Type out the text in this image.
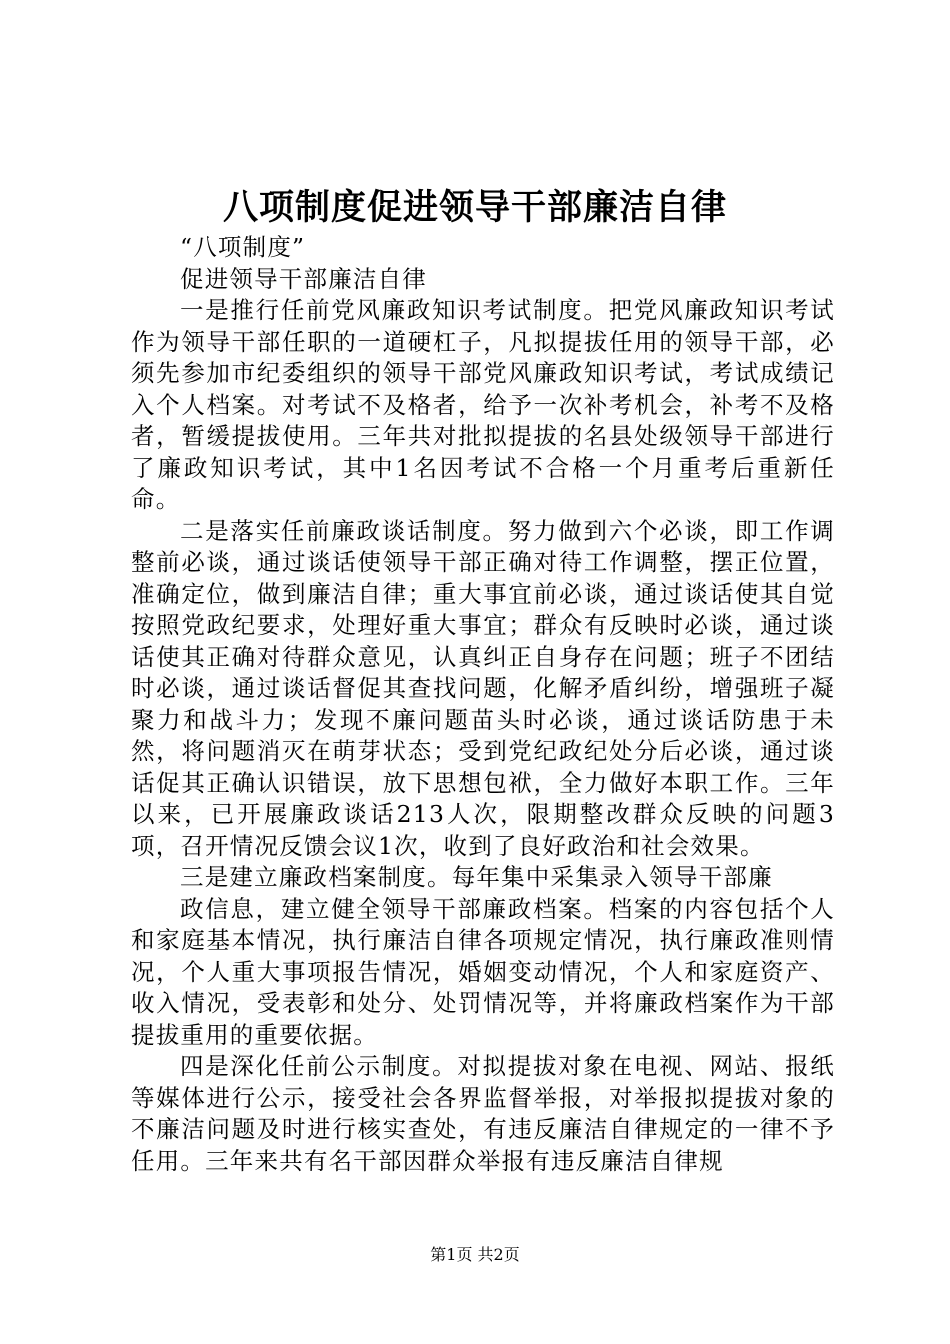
八项制度促进领导干部廉洁自律

“八项制度”

促进领导干部廉洁自律

一是推行任前党风廉政知识考试制度。把党风廉政知识考试作为领导干部任职的一道硬杠子，凡拟提拔任用的领导干部，必须先参加市纪委组织的领导干部党风廉政知识考试，考试成绩记入个人档案。对考试不及格者，给予一次补考机会，补考不及格者，暂缓提拔使用。三年共对批拟提拔的名县处级领导干部进行了廉政知识考试，其中1名因考试不合格一个月重考后重新任命。

二是落实任前廉政谈话制度。努力做到六个必谈，即工作调整前必谈，通过谈话使领导干部正确对待工作调整，摆正位置，准确定位，做到廉洁自律；重大事宜前必谈，通过谈话使其自觉按照党政纪要求，处理好重大事宜；群众有反映时必谈，通过谈话使其正确对待群众意见，认真纠正自身存在问题；班子不团结时必谈，通过谈话督促其查找问题，化解矛盾纠纷，增强班子凝聚力和战斗力；发现不廉问题苗头时必谈，通过谈话防患于未然，将问题消灭在萌芽状态；受到党纪政纪处分后必谈，通过谈话促其正确认识错误，放下思想包袱，全力做好本职工作。三年以来，已开展廉政谈话213人次，限期整改群众反映的问题3项，召开情况反馈会议1次，收到了良好政治和社会效果。

三是建立廉政档案制度。每年集中采集录入领导干部廉

政信息，建立健全领导干部廉政档案。档案的内容包括个人和家庭基本情况，执行廉洁自律各项规定情况，执行廉政准则情况，个人重大事项报告情况，婚姻变动情况，个人和家庭资产、收入情况，受表彰和处分、处罚情况等，并将廉政档案作为干部提拔重用的重要依据。

四是深化任前公示制度。对拟提拔对象在电视、网站、报纸等媒体进行公示，接受社会各界监督举报，对举报拟提拔对象的不廉洁问题及时进行核实查处，有违反廉洁自律规定的一律不予任用。三年来共有名干部因群众举报有违反廉洁自律规

第1页 共2页
